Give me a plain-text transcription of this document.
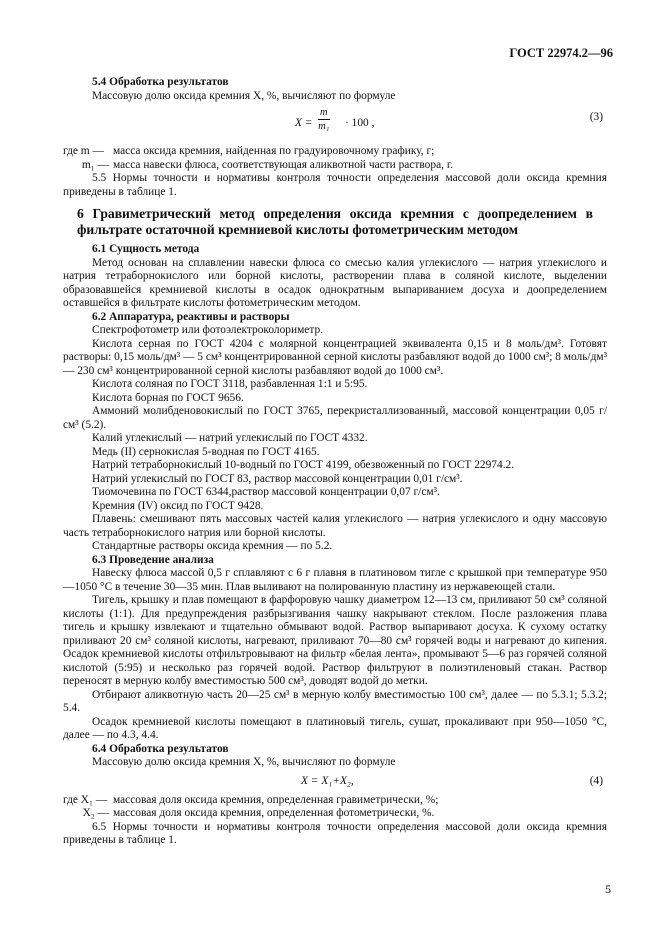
ГОСТ 22974.2—96

5.4 Обработка результатов

Массовую долю оксида кремния X, %, вычисляют по формуле

$X = \frac{m}{\text{m₁}} \cdot 100$ ,	(3)
где m — масса оксида кремния, найденная по градуировочному графику, г;
m₁ — масса навески флюса, соответствующая аликвотной части раствора, г.

5.5 Нормы точности и нормативы контроля точности определения массовой доли оксида кремния приведены в таблице 1.

6 Гравиметрический метод определения оксида кремния с доопределением в фильтрате остаточной кремниевой кислоты фотометрическим методом

6.1 Сущность метода

Метод основан на сплавлении навески флюса со смесью калия углекислого — натрия углекислого и натрия тетраборнокислого или борной кислоты, растворении плава в соляной кислоте, выделении образовавшейся кремниевой кислоты в осадок однократным выпариванием досуха и доопределением оставшейся в фильтрате кислоты фотометрическим методом.

6.2 Аппаратура, реактивы и растворы

Спектрофотометр или фотоэлектроколориметр.

Кислота серная по ГОСТ 4204 с молярной концентрацией эквивалента 0,15 и 8 моль/дм³. Готовят растворы: 0,15 моль/дм³ — 5 см³ концентрированной серной кислоты разбавляют водой до 1000 см³; 8 моль/дм³ — 230 см³ концентрированной серной кислоты разбавляют водой до 1000 см³.

Кислота соляная по ГОСТ 3118, разбавленная 1:1 и 5:95.

Кислота борная по ГОСТ 9656.

Аммоний молибденовокислый по ГОСТ 3765, перекристаллизованный, массовой концентрации 0,05 г/см³ (5.2).

Калий углекислый — натрий углекислый по ГОСТ 4332.

Медь (II) сернокислая 5-водная по ГОСТ 4165.

Натрий тетраборнокислый 10-водный по ГОСТ 4199, обезвоженный по ГОСТ 22974.2.

Натрий углекислый по ГОСТ 83, раствор массовой концентрации 0,01 г/см³.

Тиомочевина по ГОСТ 6344,раствор массовой концентрации 0,07 г/см³.

Кремния (IV) оксид по ГОСТ 9428.

Плавень: смешивают пять массовых частей калия углекислого — натрия углекислого и одну массовую часть тетраборнокислого натрия или борной кислоты.

Стандартные растворы оксида кремния — по 5.2.

6.3 Проведение анализа

Навеску флюса массой 0,5 г сплавляют с 6 г плавня в платиновом тигле с крышкой при температуре 950—1050 °С в течение 30—35 мин. Плав выливают на полированную пластину из нержавеющей стали.

Тигель, крышку и плав помещают в фарфоровую чашку диаметром 12—13 см, приливают 50 см³ соляной кислоты (1:1). Для предупреждения разбрызгивания чашку накрывают стеклом. После разложения плава тигель и крышку извлекают и тщательно обмывают водой. Раствор выпаривают досуха. К сухому остатку приливают 20 см³ соляной кислоты, нагревают, приливают 70—80 см³ горячей воды и нагревают до кипения. Осадок кремниевой кислоты отфильтровывают на фильтр «белая лента», промывают 5—6 раз горячей соляной кислотой (5:95) и несколько раз горячей водой. Раствор фильтруют в полиэтиленовый стакан. Раствор переносят в мерную колбу вместимостью 500 см³, доводят водой до метки.

Отбирают аликвотную часть 20—25 см³ в мерную колбу вместимостью 100 см³, далее — по 5.3.1; 5.3.2; 5.4.

Осадок кремниевой кислоты помещают в платиновый тигель, сушат, прокаливают при 950—1050 °С, далее — по 4.3, 4.4.

6.4 Обработка результатов

Массовую долю оксида кремния X, %, вычисляют по формуле

X = X₁+X₂,	(4)
где X₁ — массовая доля оксида кремния, определенная гравиметрически, %;
X₂ — массовая доля оксида кремния, определенная фотометрически, %.

6.5 Нормы точности и нормативы контроля точности определения массовой доли оксида кремния приведены в таблице 1.

5
